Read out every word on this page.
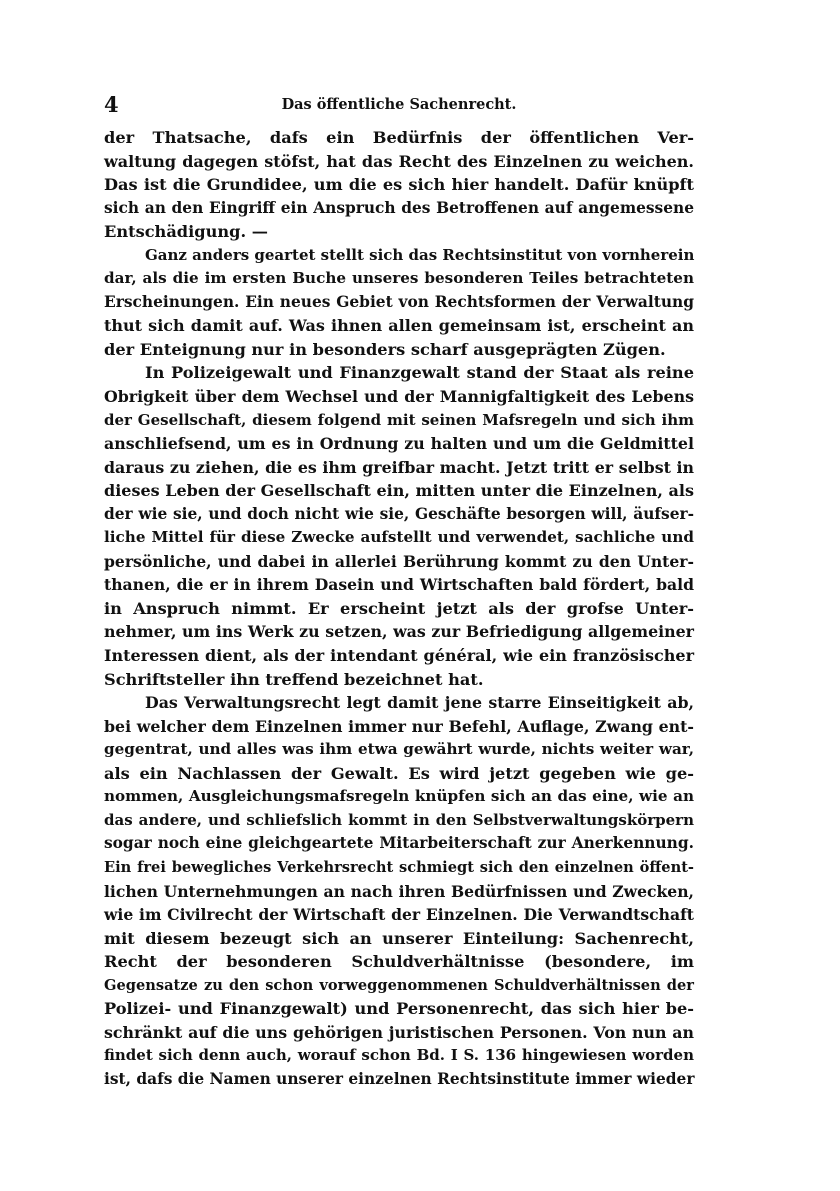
4	Das öffentliche Sachenrecht.
der Thatsache, dafs ein Bedürfnis der öffentlichen Ver-
waltung dagegen stöfst, hat das Recht des Einzelnen zu weichen.
Das ist die Grundidee, um die es sich hier handelt. Dafür knüpft
sich an den Eingriff ein Anspruch des Betroffenen auf angemessene
Entschädigung. —
Ganz anders geartet stellt sich das Rechtsinstitut von vornherein
dar, als die im ersten Buche unseres besonderen Teiles betrachteten
Erscheinungen. Ein neues Gebiet von Rechtsformen der Verwaltung
thut sich damit auf. Was ihnen allen gemeinsam ist, erscheint an
der Enteignung nur in besonders scharf ausgeprägten Zügen.
In Polizeigewalt und Finanzgewalt stand der Staat als reine
Obrigkeit über dem Wechsel und der Mannigfaltigkeit des Lebens
der Gesellschaft, diesem folgend mit seinen Mafsregeln und sich ihm
anschliefsend, um es in Ordnung zu halten und um die Geldmittel
daraus zu ziehen, die es ihm greifbar macht. Jetzt tritt er selbst in
dieses Leben der Gesellschaft ein, mitten unter die Einzelnen, als
der wie sie, und doch nicht wie sie, Geschäfte besorgen will, äufser-
liche Mittel für diese Zwecke aufstellt und verwendet, sachliche und
persönliche, und dabei in allerlei Berührung kommt zu den Unter-
thanen, die er in ihrem Dasein und Wirtschaften bald fördert, bald
in Anspruch nimmt. Er erscheint jetzt als der grofse Unter-
nehmer, um ins Werk zu setzen, was zur Befriedigung allgemeiner
Interessen dient, als der intendant général, wie ein französischer
Schriftsteller ihn treffend bezeichnet hat.
Das Verwaltungsrecht legt damit jene starre Einseitigkeit ab,
bei welcher dem Einzelnen immer nur Befehl, Auflage, Zwang ent-
gegentrat, und alles was ihm etwa gewährt wurde, nichts weiter war,
als ein Nachlassen der Gewalt. Es wird jetzt gegeben wie ge-
nommen, Ausgleichungsmafsregeln knüpfen sich an das eine, wie an
das andere, und schliefslich kommt in den Selbstverwaltungskörpern
sogar noch eine gleichgeartete Mitarbeiterschaft zur Anerkennung.
Ein frei bewegliches Verkehrsrecht schmiegt sich den einzelnen öffent-
lichen Unternehmungen an nach ihren Bedürfnissen und Zwecken,
wie im Civilrecht der Wirtschaft der Einzelnen. Die Verwandtschaft
mit diesem bezeugt sich an unserer Einteilung: Sachenrecht,
Recht der besonderen Schuldverhältnisse (besondere, im
Gegensatze zu den schon vorweggenommenen Schuldverhältnissen der
Polizei- und Finanzgewalt) und Personenrecht, das sich hier be-
schränkt auf die uns gehörigen juristischen Personen. Von nun an
findet sich denn auch, worauf schon Bd. I S. 136 hingewiesen worden
ist, dafs die Namen unserer einzelnen Rechtsinstitute immer wieder
